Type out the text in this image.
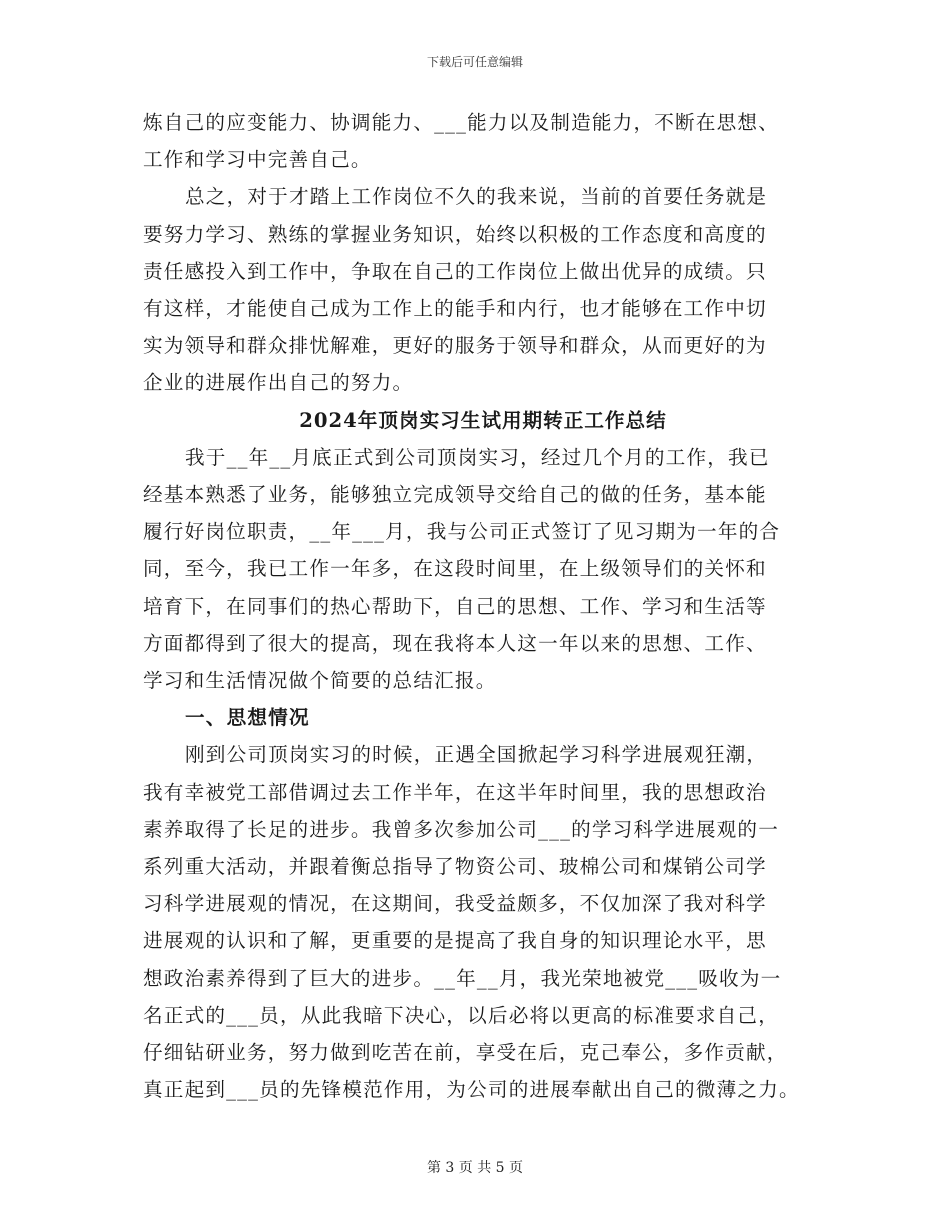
下载后可任意编辑

炼自己的应变能力、协调能力、___能力以及制造能力，不断在思想、
工作和学习中完善自己。

总之，对于才踏上工作岗位不久的我来说，当前的首要任务就是
要努力学习、熟练的掌握业务知识，始终以积极的工作态度和高度的
责任感投入到工作中，争取在自己的工作岗位上做出优异的成绩。只
有这样，才能使自己成为工作上的能手和内行，也才能够在工作中切
实为领导和群众排忧解难，更好的服务于领导和群众，从而更好的为
企业的进展作出自己的努力。

2024年顶岗实习生试用期转正工作总结

我于__年__月底正式到公司顶岗实习，经过几个月的工作，我已
经基本熟悉了业务，能够独立完成领导交给自己的做的任务，基本能
履行好岗位职责，__年___月，我与公司正式签订了见习期为一年的合
同，至今，我已工作一年多，在这段时间里，在上级领导们的关怀和
培育下，在同事们的热心帮助下，自己的思想、工作、学习和生活等
方面都得到了很大的提高，现在我将本人这一年以来的思想、工作、
学习和生活情况做个简要的总结汇报。

一、思想情况

刚到公司顶岗实习的时候，正遇全国掀起学习科学进展观狂潮，
我有幸被党工部借调过去工作半年，在这半年时间里，我的思想政治
素养取得了长足的进步。我曾多次参加公司___的学习科学进展观的一
系列重大活动，并跟着衡总指导了物资公司、玻棉公司和煤销公司学
习科学进展观的情况，在这期间，我受益颇多，不仅加深了我对科学
进展观的认识和了解，更重要的是提高了我自身的知识理论水平，思
想政治素养得到了巨大的进步。__年__月，我光荣地被党___吸收为一
名正式的___员，从此我暗下决心，以后必将以更高的标准要求自己，
仔细钻研业务，努力做到吃苦在前，享受在后，克己奉公，多作贡献，
真正起到___员的先锋模范作用，为公司的进展奉献出自己的微薄之力。

第 3 页 共 5 页
